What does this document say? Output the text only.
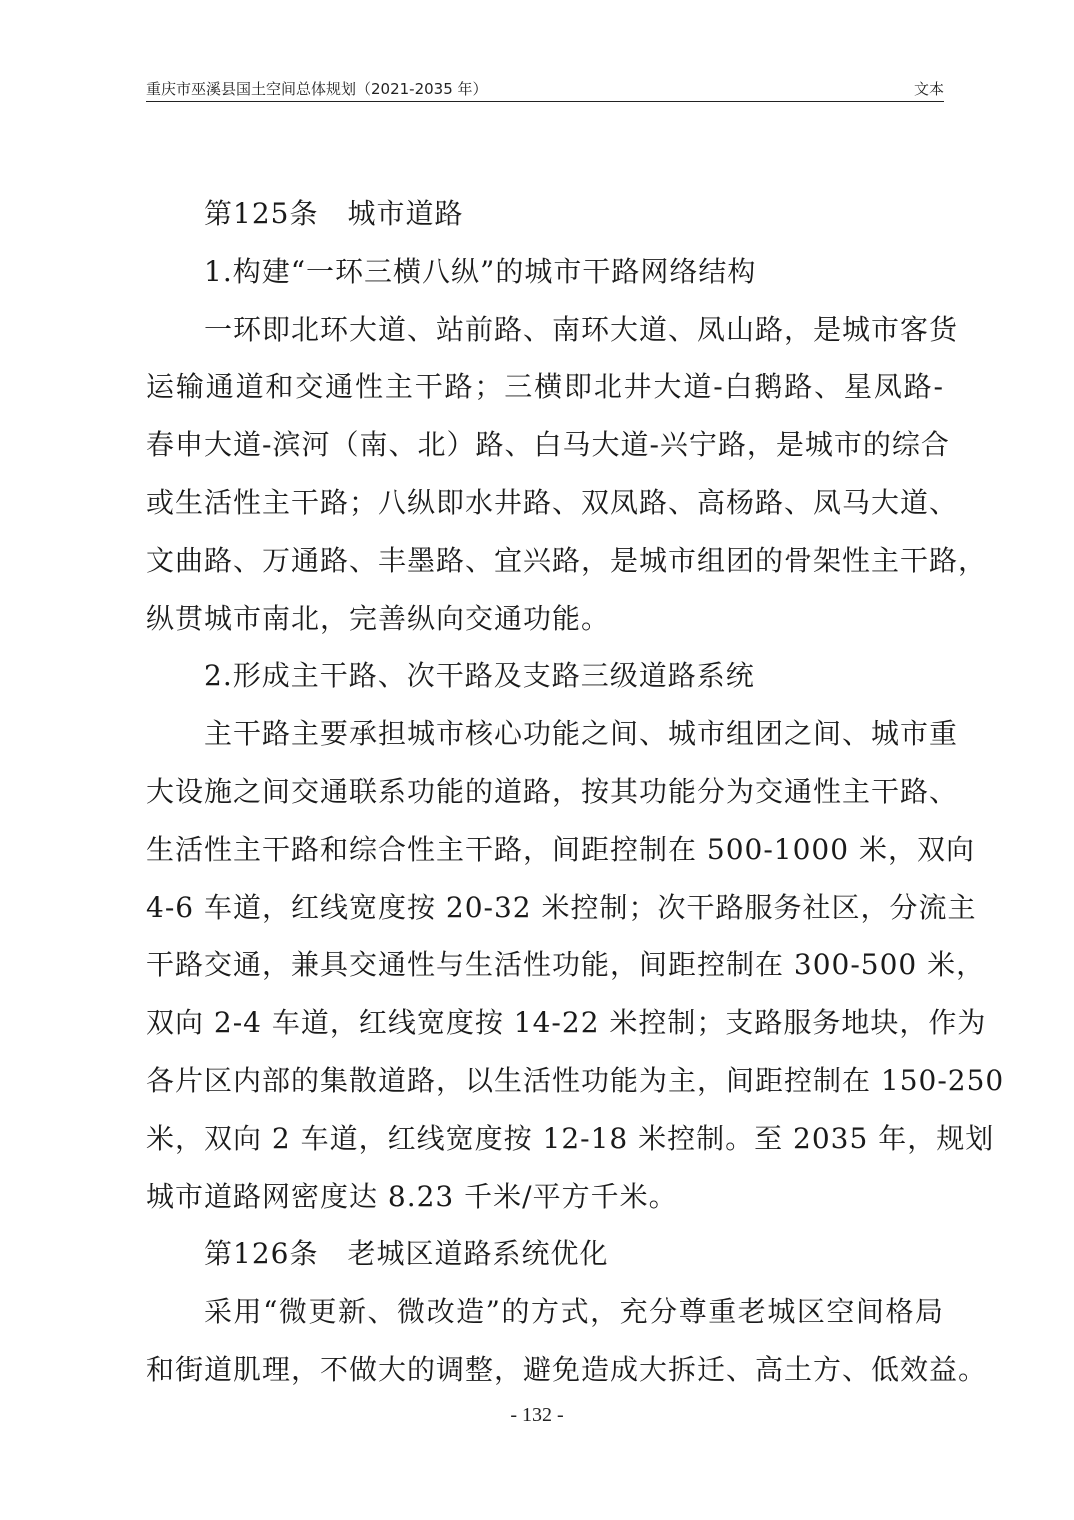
重庆市巫溪县国土空间总体规划（2021-2035 年）	文本
第125条　城市道路
1.构建“一环三横八纵”的城市干路网络结构
一环即北环大道、站前路、南环大道、凤山路，是城市客货
运输通道和交通性主干路；三横即北井大道-白鹅路、星凤路-
春申大道-滨河（南、北）路、白马大道-兴宁路，是城市的综合
或生活性主干路；八纵即水井路、双凤路、高杨路、凤马大道、
文曲路、万通路、丰墨路、宜兴路，是城市组团的骨架性主干路，
纵贯城市南北，完善纵向交通功能。
2.形成主干路、次干路及支路三级道路系统
主干路主要承担城市核心功能之间、城市组团之间、城市重
大设施之间交通联系功能的道路，按其功能分为交通性主干路、
生活性主干路和综合性主干路，间距控制在 500-1000 米，双向
4-6 车道，红线宽度按 20-32 米控制；次干路服务社区，分流主
干路交通，兼具交通性与生活性功能，间距控制在 300-500 米，
双向 2-4 车道，红线宽度按 14-22 米控制；支路服务地块，作为
各片区内部的集散道路，以生活性功能为主，间距控制在 150-250
米，双向 2 车道，红线宽度按 12-18 米控制。至 2035 年，规划
城市道路网密度达 8.23 千米/平方千米。
第126条　老城区道路系统优化
采用“微更新、微改造”的方式，充分尊重老城区空间格局
和街道肌理，不做大的调整，避免造成大拆迁、高土方、低效益。
- 132 -
